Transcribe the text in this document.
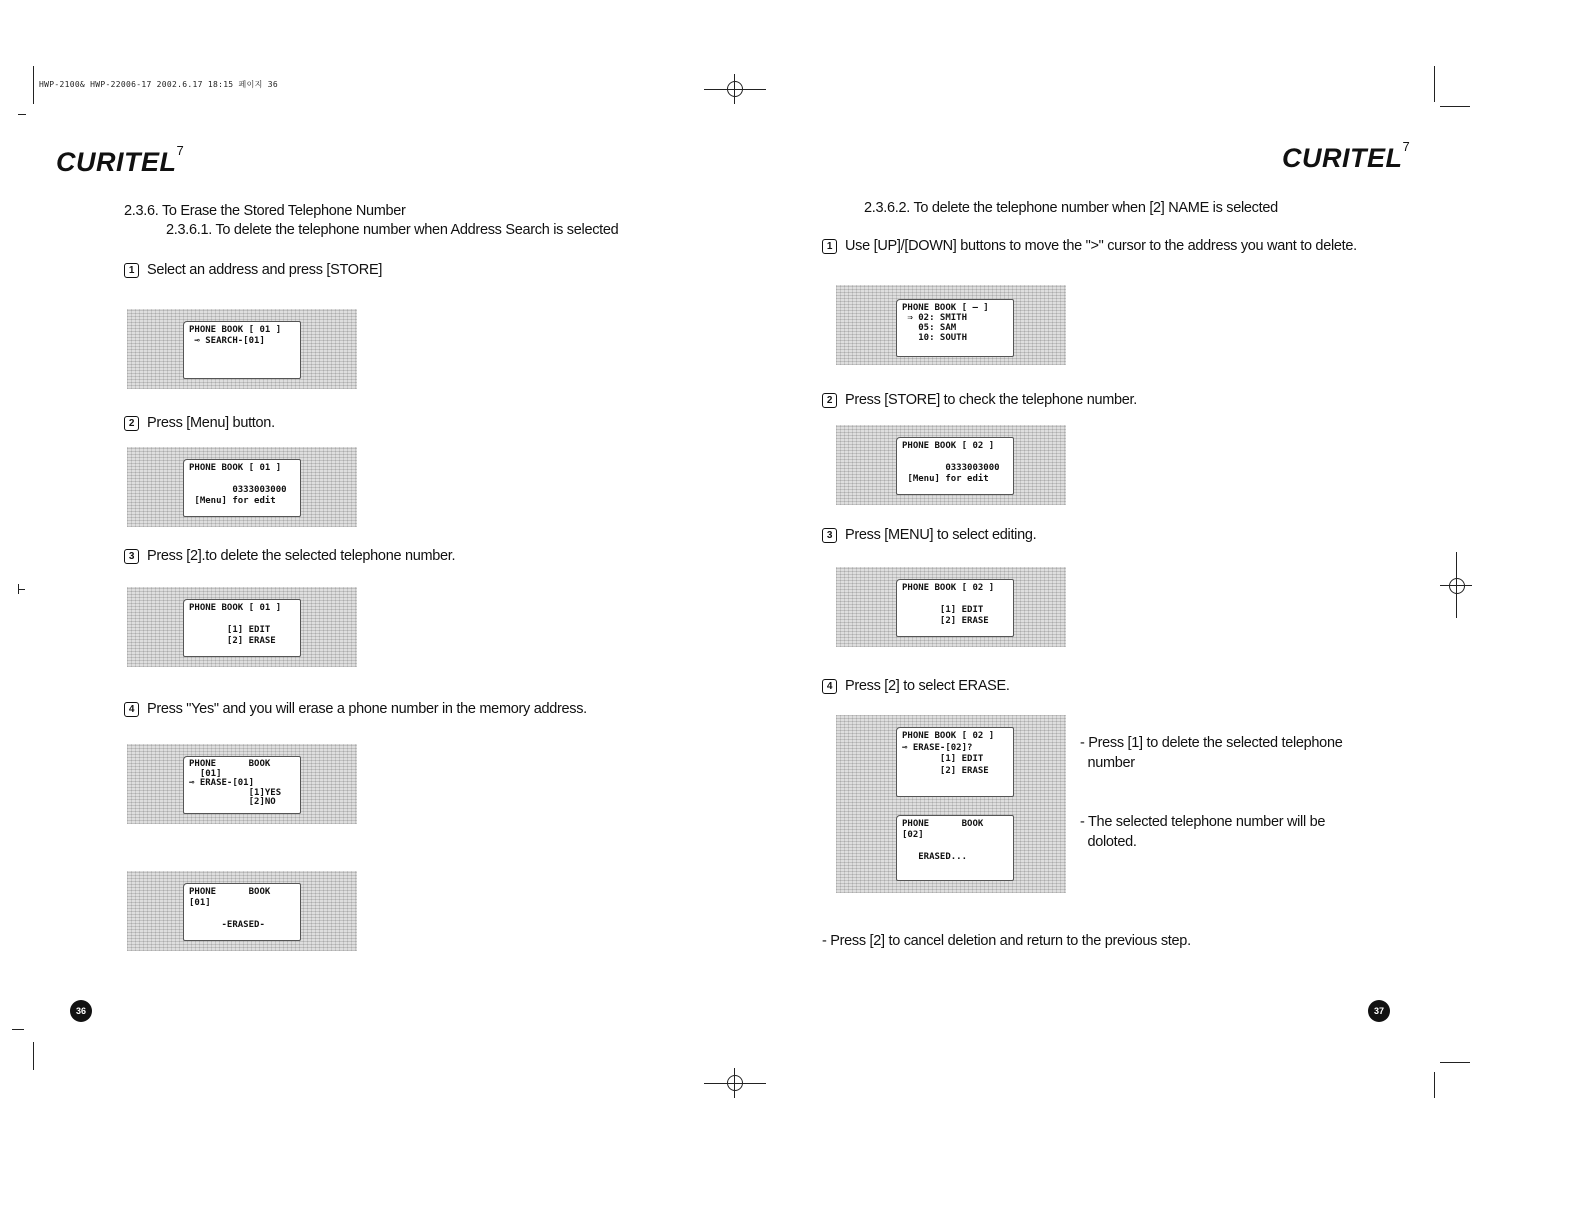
HWP-2100& HWP-22006-17 2002.6.17 18:15 페이지 36
CURITEL$^7$	CURITEL$^7$
2.3.6. To Erase the Stored Telephone Number
2.3.6.1. To delete the telephone number when Address Search is selected
1 Select an address and press [STORE]
PHONE BOOK [ 01 ]
⊸ SEARCH-[01]
2 Press [Menu] button.
PHONE BOOK [ 01 ]

0333003000
[Menu] for edit
3 Press [2].to delete the selected telephone number.
PHONE BOOK [ 01 ]

[1] EDIT
[2] ERASE
4 Press "Yes" and you will erase a phone number in the memory address.
PHONE      BOOK
[01]
⊸ ERASE-[01]
[1]YES
[2]NO
PHONE      BOOK
[01]

-ERASED-
36
2.3.6.2. To delete the telephone number when [2] NAME is selected
1 Use [UP]/[DOWN] buttons to move the ">" cursor to the address you want to delete.
PHONE BOOK [ — ]
⇒ 02: SMITH
05: SAM
10: SOUTH
2 Press [STORE] to check the telephone number.
PHONE BOOK [ 02 ]

0333003000
[Menu] for edit
3 Press [MENU] to select editing.
PHONE BOOK [ 02 ]

[1] EDIT
[2] ERASE
4 Press [2] to select ERASE.
PHONE BOOK [ 02 ]
⊸ ERASE-[02]?
[1] EDIT
[2] ERASE
PHONE      BOOK
[02]

ERASED...
- Press [1] to delete the selected telephone
number
- The selected telephone number will be
doloted.
- Press [2] to cancel deletion and return to the previous step.
37
